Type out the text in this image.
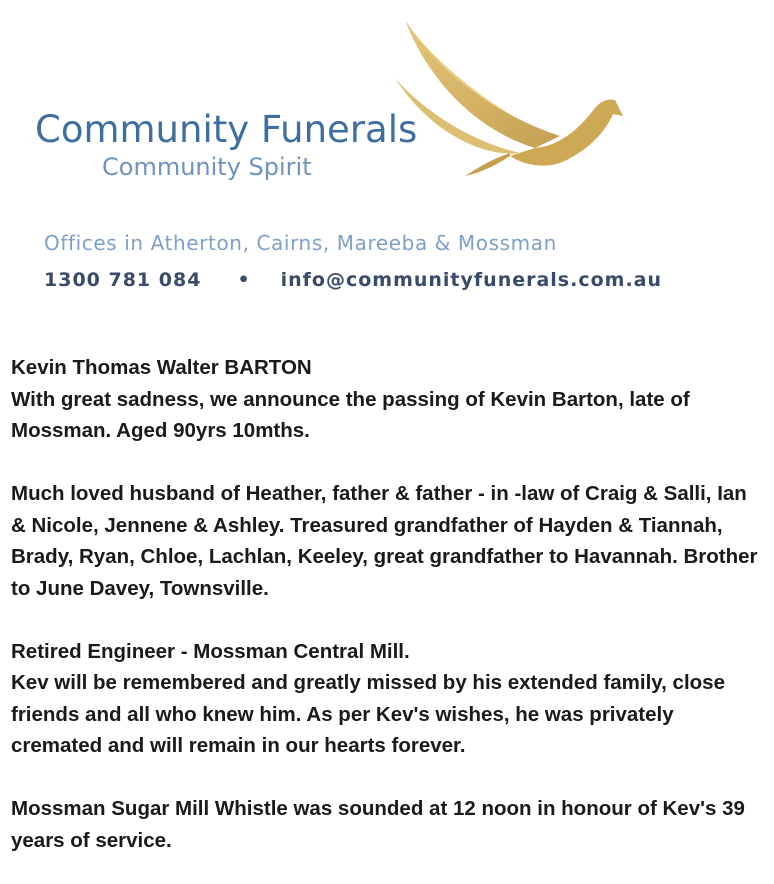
Community Funerals
Community Spirit
Offices in Atherton, Cairns, Mareeba & Mossman
1300 781 084 • info@communityfunerals.com.au

Kevin Thomas Walter BARTON

With great sadness, we announce the passing of Kevin Barton, late of Mossman. Aged 90yrs 10mths.

Much loved husband of Heather, father & father - in -law of Craig & Salli, Ian & Nicole, Jennene & Ashley. Treasured grandfather of Hayden & Tiannah, Brady, Ryan, Chloe, Lachlan, Keeley, great grandfather to Havannah. Brother to June Davey, Townsville.

Retired Engineer - Mossman Central Mill.

Kev will be remembered and greatly missed by his extended family, close friends and all who knew him. As per Kev's wishes, he was privately cremated and will remain in our hearts forever.

Mossman Sugar Mill Whistle was sounded at 12 noon in honour of Kev's 39 years of service.
